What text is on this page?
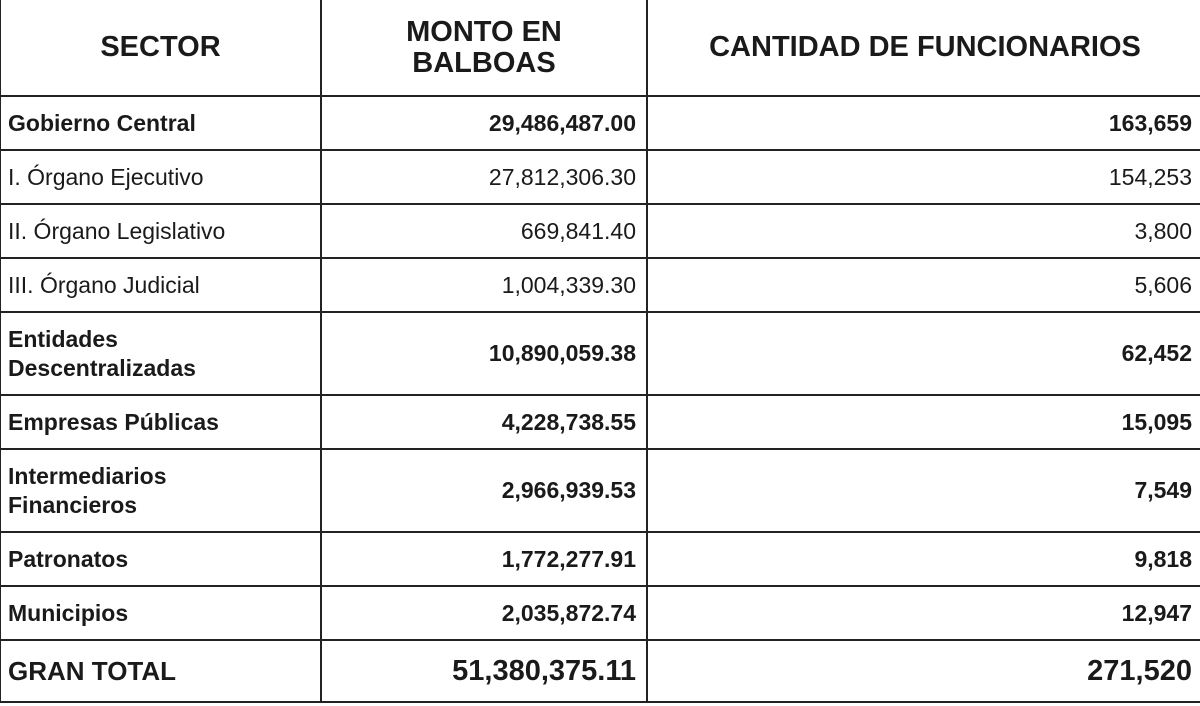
SECTOR	MONTO EN BALBOAS	CANTIDAD DE FUNCIONARIOS
Gobierno Central	29,486,487.00	163,659
I. Órgano Ejecutivo	27,812,306.30	154,253
II. Órgano Legislativo	669,841.40	3,800
III. Órgano Judicial	1,004,339.30	5,606

Entidades Descentralizadas	10,890,059.38	62,452
Empresas Públicas	4,228,738.55	15,095

Intermediarios Financieros	2,966,939.53	7,549
Patronatos	1,772,277.91	9,818
Municipios	2,035,872.74	12,947
GRAN TOTAL	51,380,375.11	271,520
